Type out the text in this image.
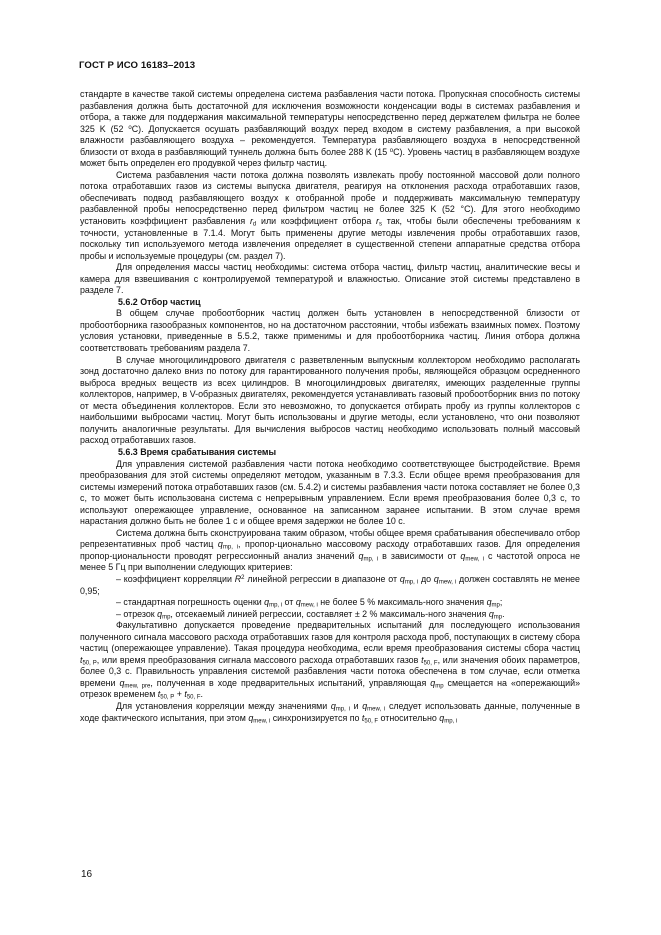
ГОСТ Р ИСО 16183–2013

стандарте в качестве такой системы определена система разбавления части потока. Пропускная способность системы разбавления должна быть достаточной для исключения возможности конденсации воды в системах разбавления и отбора, а также для поддержания максимальной температуры непосредственно перед держателем фильтра не более 325 K (52 $^o$C). Допускается осушать разбавляющий воздух перед входом в систему разбавления, а при высокой влажности разбавляющего воздуха – рекомендуется. Температура разбавляющего воздуха в непосредственной близости от входа в разбавляющий туннель должна быть более 288 K (15 $^o$C). Уровень частиц в разбавляющем воздухе может быть определен его продувкой через фильтр частиц.

Система разбавления части потока должна позволять извлекать пробу постоянной массовой доли полного потока отработавших газов из системы выпуска двигателя, реагируя на отклонения расхода отработавших газов, обеспечивать подвод разбавляющего воздух к отобранной пробе и поддерживать максимальную температуру разбавленной пробы непосредственно перед фильтром частиц не более 325 K (52 °C). Для этого необходимо установить коэффициент разбавления $r_d$ или коэффициент отбора $r_s$ так, чтобы были обеспечены требованиям к точности, установленные в 7.1.4. Могут быть применены другие методы извлечения пробы отработавших газов, поскольку тип используемого метода извлечения определяет в существенной степени аппаратные средства отбора пробы и используемые процедуры (см. раздел 7).

Для определения массы частиц необходимы: система отбора частиц, фильтр частиц, аналитические весы и камера для взвешивания с контролируемой температурой и влажностью. Описание этой системы представлено в разделе 7.

5.6.2 Отбор частиц

В общем случае пробоотборник частиц должен быть установлен в непосредственной близости от пробоотборника газообразных компонентов, но на достаточном расстоянии, чтобы избежать взаимных помех. Поэтому условия установки, приведенные в 5.5.2, также применимы и для пробоотборника частиц. Линия отбора должна соответствовать требованиям раздела 7.

В случае многоцилиндрового двигателя с разветвленным выпускным коллектором необходимо располагать зонд достаточно далеко вниз по потоку для гарантированного получения пробы, являющейся образцом осредненного выброса вредных веществ из всех цилиндров. В многоцилиндровых двигателях, имеющих разделенные группы коллекторов, например, в V-образных двигателях, рекомендуется устанавливать газовый пробоотборник вниз по потоку от места объединения коллекторов. Если это невозможно, то допускается отбирать пробу из группы коллекторов с наибольшими выбросами частиц. Могут быть использованы и другие методы, если установлено, что они позволяют получить аналогичные результаты. Для вычисления выбросов частиц необходимо использовать полный массовый расход отработавших газов.

5.6.3 Время срабатывания системы

Для управления системой разбавления части потока необходимо соответствующее быстродействие. Время преобразования для этой системы определяют методом, указанным в 7.3.3. Если общее время преобразования для системы измерений потока отработавших газов (см. 5.4.2) и системы разбавления части потока составляет не более 0,3 с, то может быть использована система с непрерывным управлением. Если время преобразования более 0,3 с, то используют опережающее управление, основанное на записанном заранее испытании. В этом случае время нарастания должно быть не более 1 с и общее время задержки не более 10 с.

Система должна быть сконструирована таким образом, чтобы общее время срабатывания обеспечивало отбор репрезентативных проб частиц $q_{mp, i}$, пропор-ционально массовому расходу отработавших газов. Для определения пропор-циональности проводят регрессионный анализ значений $q_{mp, i}$ в зависимости от $q_{mew, i}$ с частотой опроса не менее 5 Гц при выполнении следующих критериев:

– коэффициент корреляции $R^2$ линейной регрессии в диапазоне от $q_{mp, i}$ до $q_{mew, i}$ должен составлять не менее 0,95;

– стандартная погрешность оценки $q_{mp, i}$ от $q_{mew, i}$ не более 5 % максималь-ного значения $q_{mp}$;

– отрезок $q_{mp}$, отсекаемый линией регрессии, составляет ± 2 % максималь-ного значения $q_{mp}$.

Факультативно допускается проведение предварительных испытаний для последующего использования полученного сигнала массового расхода отработавших газов для контроля расхода проб, поступающих в систему сбора частиц (опережающее управление). Такая процедура необходима, если время преобразования системы сбора частиц $t_{50, P}$, или время преобразования сигнала массового расхода отработавших газов $t_{50, F}$, или значения обоих параметров, более 0,3 с. Правильность управления системой разбавления части потока обеспечена в том случае, если отметка времени $q_{mew, pre}$, полученная в ходе предварительных испытаний, управляющая $q_{mp}$ смещается на «опережающий» отрезок временем $t_{50, P} + t_{50, F}$.

Для установления корреляции между значениями $q_{mp, i}$ и $q_{mew, i}$ следует использовать данные, полученные в ходе фактического испытания, при этом $q_{mew, i}$ синхронизируется по $t_{50, F}$ относительно $q_{mp, i}$

16
